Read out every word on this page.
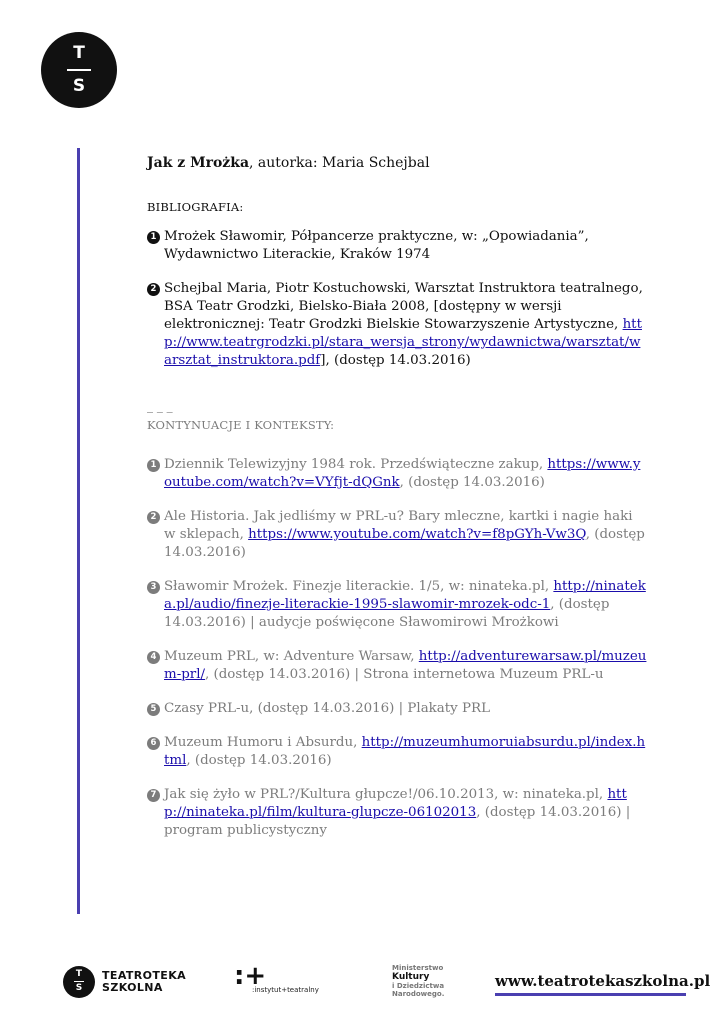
T
S
Jak z Mrożka, autorka: Maria Schejbal
BIBLIOGRAFIA:
1 Mrożek Sławomir, Półpancerze praktyczne, w: „Opowiadania”, Wydawnictwo Literackie, Kraków 1974
2 Schejbal Maria, Piotr Kostuchowski, Warsztat Instruktora teatralnego, BSA Teatr Grodzki, Bielsko-Biała 2008, [dostępny w wersji elektronicznej: Teatr Grodzki Bielskie Stowarzyszenie Artystyczne, http://www.teatrgrodzki.pl/stara_wersja_strony/wydawnictwa/warsztat/warsztat_instruktora.pdf], (dostęp 14.03.2016)
_ _ _
KONTYNUACJE I KONTEKSTY:
1 Dziennik Telewizyjny 1984 rok. Przedświąteczne zakup, https://www.youtube.com/watch?v=VYfjt-dQGnk, (dostęp 14.03.2016)
2 Ale Historia. Jak jedliśmy w PRL-u? Bary mleczne, kartki i nagie haki w sklepach, https://www.youtube.com/watch?v=f8pGYh-Vw3Q, (dostęp 14.03.2016)
3 Sławomir Mrożek. Finezje literackie. 1/5, w: ninateka.pl, http://ninateka.pl/audio/finezje-literackie-1995-slawomir-mrozek-odc-1, (dostęp 14.03.2016) | audycje poświęcone Sławomirowi Mrożkowi
4 Muzeum PRL, w: Adventure Warsaw, http://adventurewarsaw.pl/muzeum-prl/, (dostęp 14.03.2016) | Strona internetowa Muzeum PRL-u
5 Czasy PRL-u, (dostęp 14.03.2016) | Plakaty PRL
6 Muzeum Humoru i Absurdu, http://muzeumhumoruiabsurdu.pl/index.html, (dostęp 14.03.2016)
7 Jak się żyło w PRL?/Kultura głupcze!/06.10.2013, w: ninateka.pl, http://ninateka.pl/film/kultura-glupcze-06102013, (dostęp 14.03.2016) | program publicystyczny
T
S
TEATROTEKA
SZKOLNA	:+
:instytut+teatralny
Ministerstwo
Kultury
i Dziedzictwa
Narodowego.
www.teatrotekaszkolna.pl
